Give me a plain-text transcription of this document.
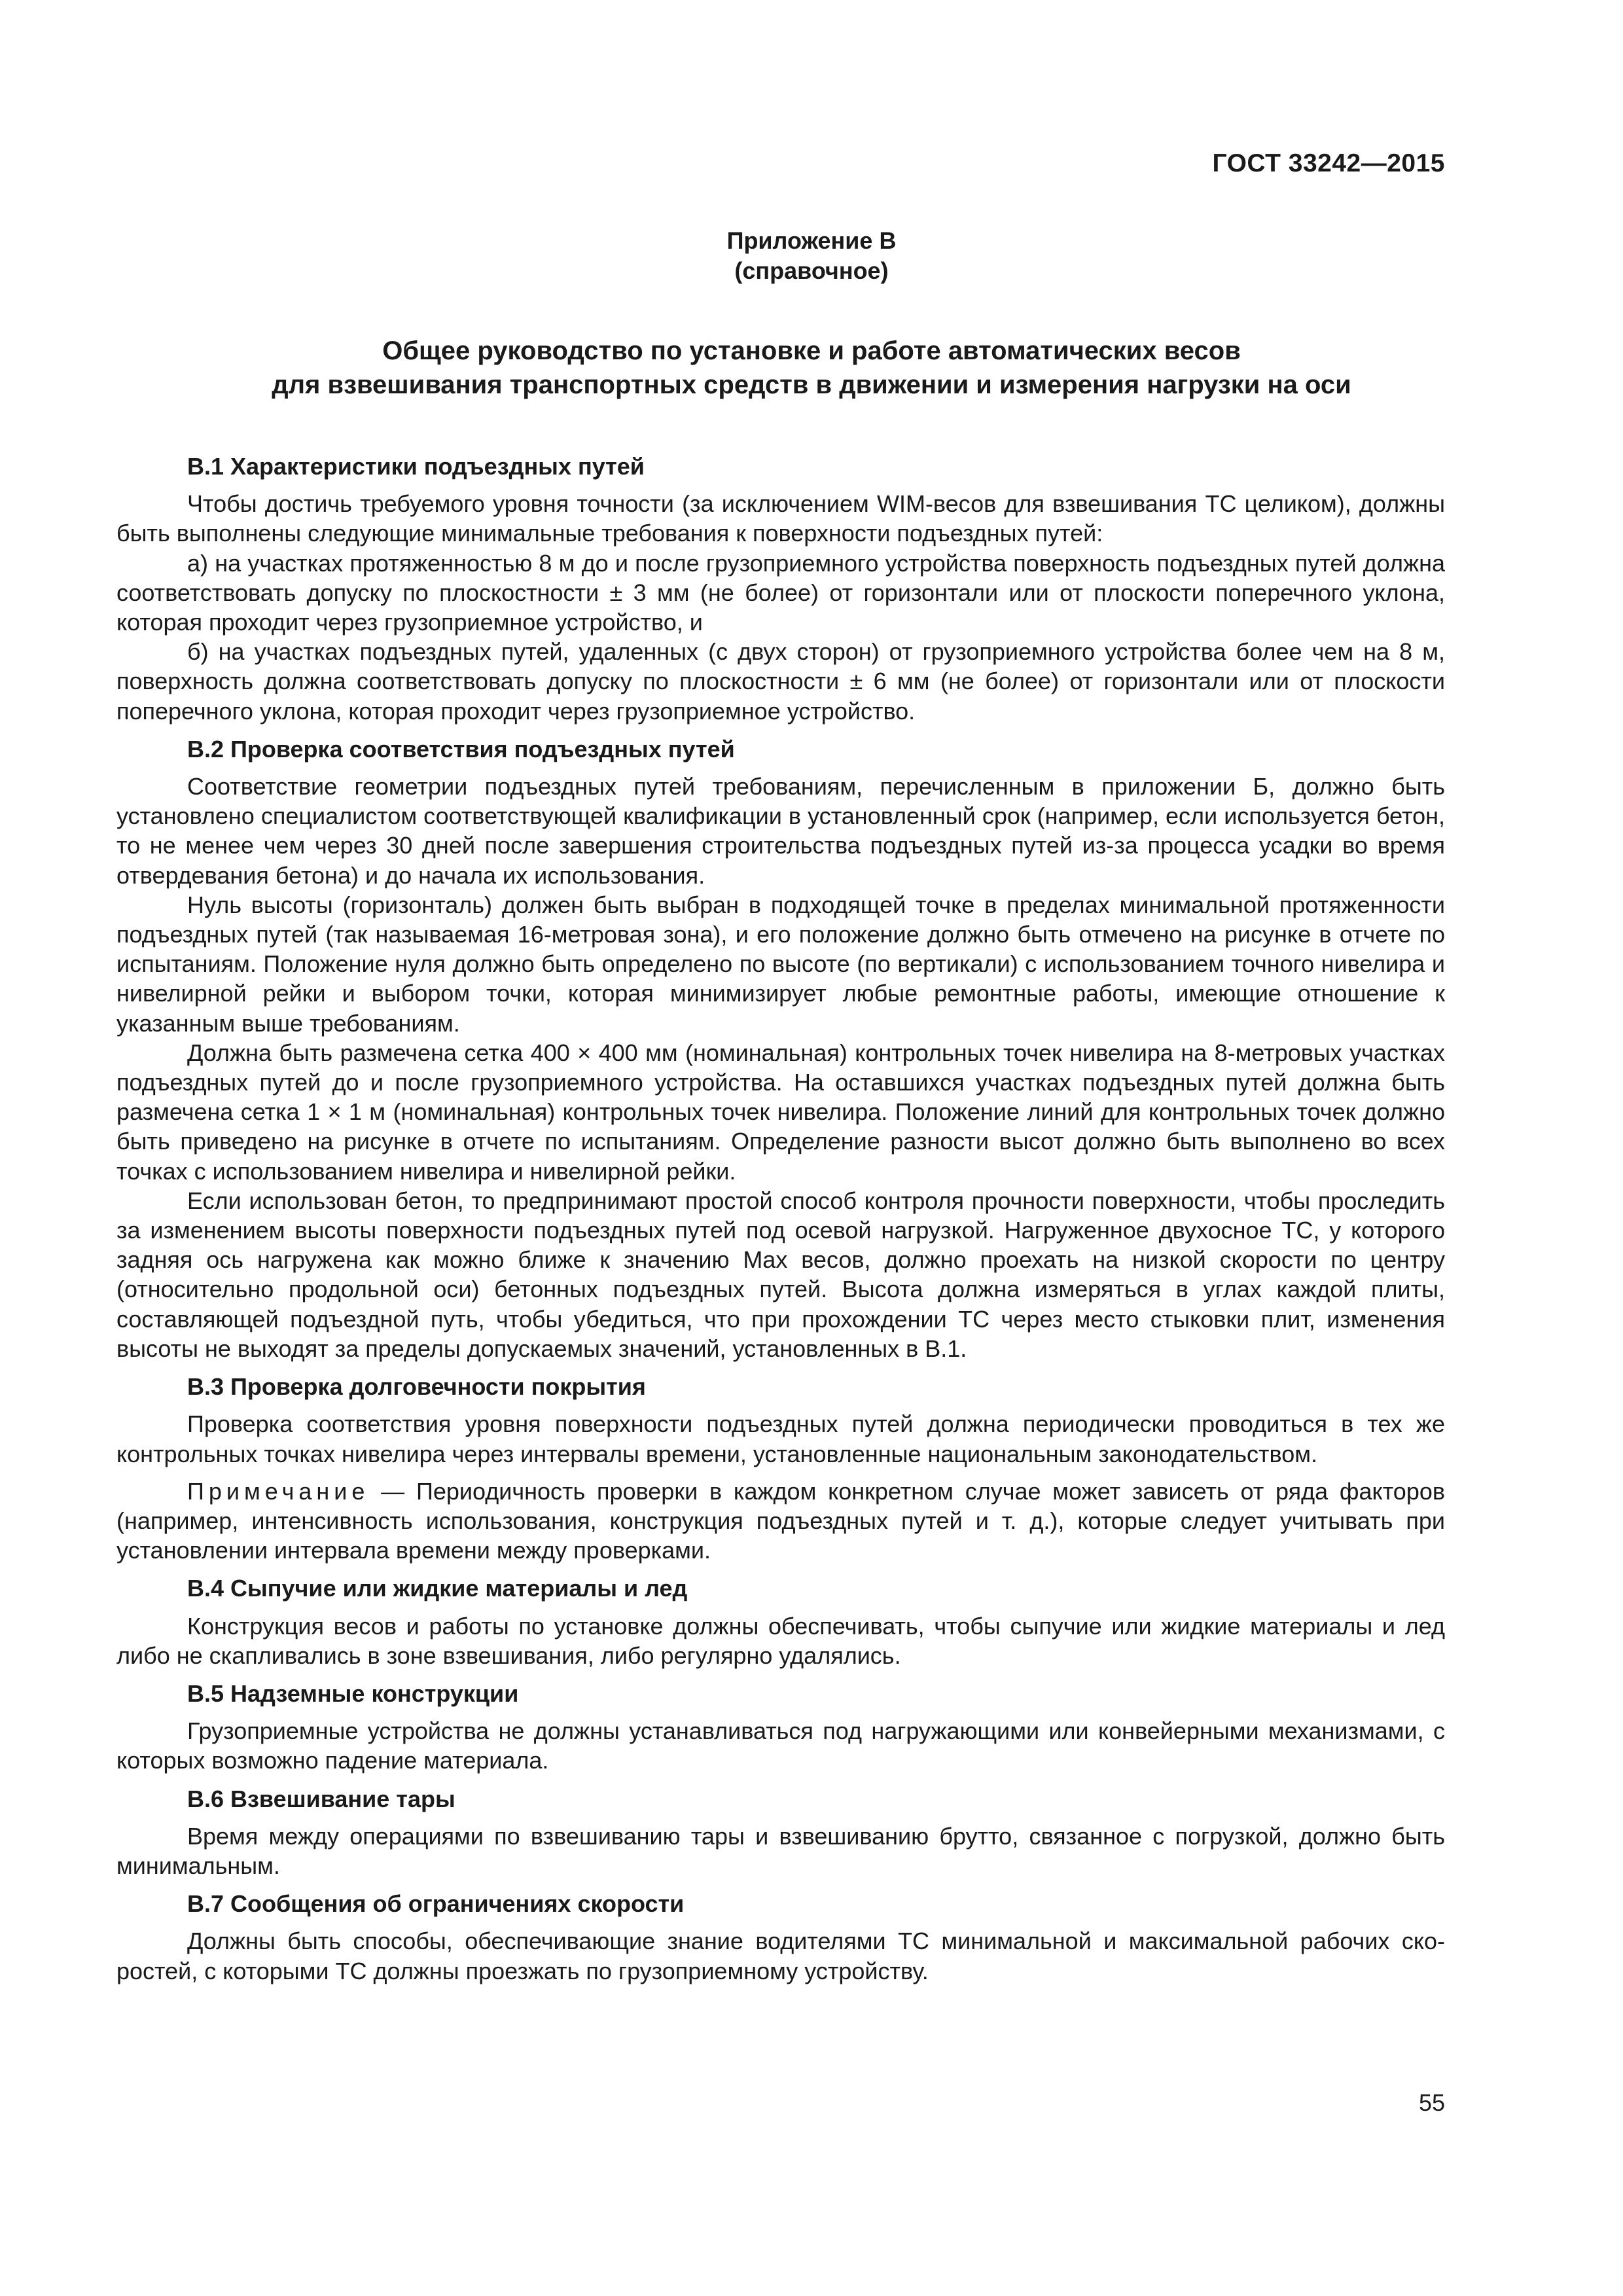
ГОСТ 33242—2015
Приложение В
(справочное)
Общее руководство по установке и работе автоматических весов
для взвешивания транспортных средств в движении и измерения нагрузки на оси
В.1 Характеристики подъездных путей

Чтобы достичь требуемого уровня точности (за исключением WIM-весов для взвешивания ТС целиком), должны быть выполнены следующие минимальные требования к поверхности подъездных путей:

а) на участках протяженностью 8 м до и после грузоприемного устройства поверхность подъездных путей должна соответствовать допуску по плоскостности ± 3 мм (не более) от горизонтали или от плоскости поперечного уклона, которая проходит через грузоприемное устройство, и

б) на участках подъездных путей, удаленных (с двух сторон) от грузоприемного устройства более чем на 8 м, поверхность должна соответствовать допуску по плоскостности ± 6 мм (не более) от горизонтали или от плоскости поперечного уклона, которая проходит через грузоприемное устройство.

В.2 Проверка соответствия подъездных путей

Соответствие геометрии подъездных путей требованиям, перечисленным в приложении Б, должно быть установлено специалистом соответствующей квалификации в установленный срок (например, если используется бетон, то не менее чем через 30 дней после завершения строительства подъездных путей из-за процесса усадки во время отвердевания бетона) и до начала их использования.

Нуль высоты (горизонталь) должен быть выбран в подходящей точке в пределах минимальной протяженности подъездных путей (так называемая 16-метровая зона), и его положение должно быть отмечено на рисунке в отчете по испытаниям. Положение нуля должно быть определено по высоте (по вертикали) с использованием точного нивелира и нивелирной рейки и выбором точки, которая минимизирует любые ремонтные работы, имеющие отношение к указанным выше требованиям.

Должна быть размечена сетка 400 × 400 мм (номинальная) контрольных точек нивелира на 8-метровых участках подъездных путей до и после грузоприемного устройства. На оставшихся участках подъездных путей должна быть размечена сетка 1 × 1 м (номинальная) контрольных точек нивелира. Положение линий для контрольных точек должно быть приведено на рисунке в отчете по испытаниям. Определение разности высот должно быть выполнено во всех точках с использованием нивелира и нивелирной рейки.

Если использован бетон, то предпринимают простой способ контроля прочности поверхности, чтобы проследить за изменением высоты поверхности подъездных путей под осевой нагрузкой. Нагруженное двухосное ТС, у которого задняя ось нагружена как можно ближе к значению Max весов, должно проехать на низкой скорости по центру (относительно продольной оси) бетонных подъездных путей. Высота должна измеряться в углах каждой плиты, составляющей подъездной путь, чтобы убедиться, что при прохождении ТС через место стыковки плит, изменения высоты не выходят за пределы допускаемых значений, установленных в В.1.

В.3 Проверка долговечности покрытия

Проверка соответствия уровня поверхности подъездных путей должна периодически проводиться в тех же контрольных точках нивелира через интервалы времени, установленные национальным законодательством.

Примечание — Периодичность проверки в каждом конкретном случае может зависеть от ряда факторов (например, интенсивность использования, конструкция подъездных путей и т. д.), которые следует учитывать при установлении интервала времени между проверками.

В.4 Сыпучие или жидкие материалы и лед

Конструкция весов и работы по установке должны обеспечивать, чтобы сыпучие или жидкие материалы и лед либо не скапливались в зоне взвешивания, либо регулярно удалялись.

В.5 Надземные конструкции

Грузоприемные устройства не должны устанавливаться под нагружающими или конвейерными механизмами, с которых возможно падение материала.

В.6 Взвешивание тары

Время между операциями по взвешиванию тары и взвешиванию брутто, связанное с погрузкой, должно быть минимальным.

В.7 Сообщения об ограничениях скорости

Должны быть способы, обеспечивающие знание водителями ТС минимальной и максимальной рабочих скоростей, с которыми ТС должны проезжать по грузоприемному устройству.

55
